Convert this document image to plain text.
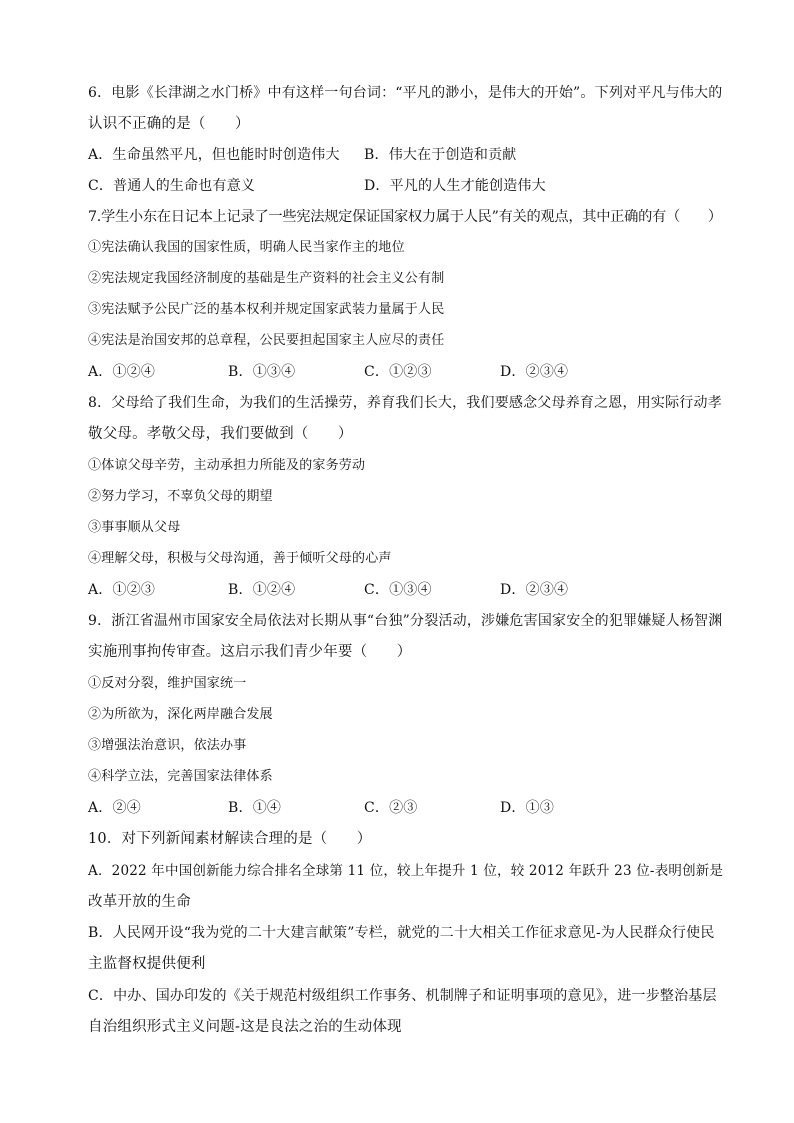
6．电影《长津湖之水门桥》中有这样一句台词：“平凡的渺小，是伟大的开始”。下列对平凡与伟大的

认识不正确的是（　　）

A．生命虽然平凡，但也能时时创造伟大 B．伟大在于创造和贡献

C．普通人的生命也有意义	D．平凡的人生才能创造伟大

7.学生小东在日记本上记录了一些宪法规定保证国家权力属于人民”有关的观点，其中正确的有（　　）

①宪法确认我国的国家性质，明确人民当家作主的地位

②宪法规定我国经济制度的基础是生产资料的社会主义公有制

③宪法赋予公民广泛的基本权利并规定国家武装力量属于人民

④宪法是治国安邦的总章程，公民要担起国家主人应尽的责任

A．①②④	B．①③④	C．①②③	D．②③④

8．父母给了我们生命，为我们的生活操劳，养育我们长大，我们要感念父母养育之恩，用实际行动孝

敬父母。孝敬父母，我们要做到（　　）

①体谅父母辛劳，主动承担力所能及的家务劳动

②努力学习，不辜负父母的期望

③事事顺从父母

④理解父母，积极与父母沟通，善于倾听父母的心声

A．①②③	B．①②④	C．①③④	D．②③④

9．浙江省温州市国家安全局依法对长期从事“台独”分裂活动，涉嫌危害国家安全的犯罪嫌疑人杨智渊

实施刑事拘传审查。这启示我们青少年要（　　）

①反对分裂，维护国家统一

②为所欲为，深化两岸融合发展

③增强法治意识，依法办事

④科学立法，完善国家法律体系

A．②④	B．①④	C．②③	D．①③

10．对下列新闻素材解读合理的是（　　）

A．2022 年中国创新能力综合排名全球第 11 位，较上年提升 1 位，较 2012 年跃升 23 位-表明创新是

改革开放的生命

B．人民网开设“我为党的二十大建言献策”专栏，就党的二十大相关工作征求意见-为人民群众行使民

主监督权提供便利

C．中办、国办印发的《关于规范村级组织工作事务、机制牌子和证明事项的意见》，进一步整治基层

自治组织形式主义问题-这是良法之治的生动体现
